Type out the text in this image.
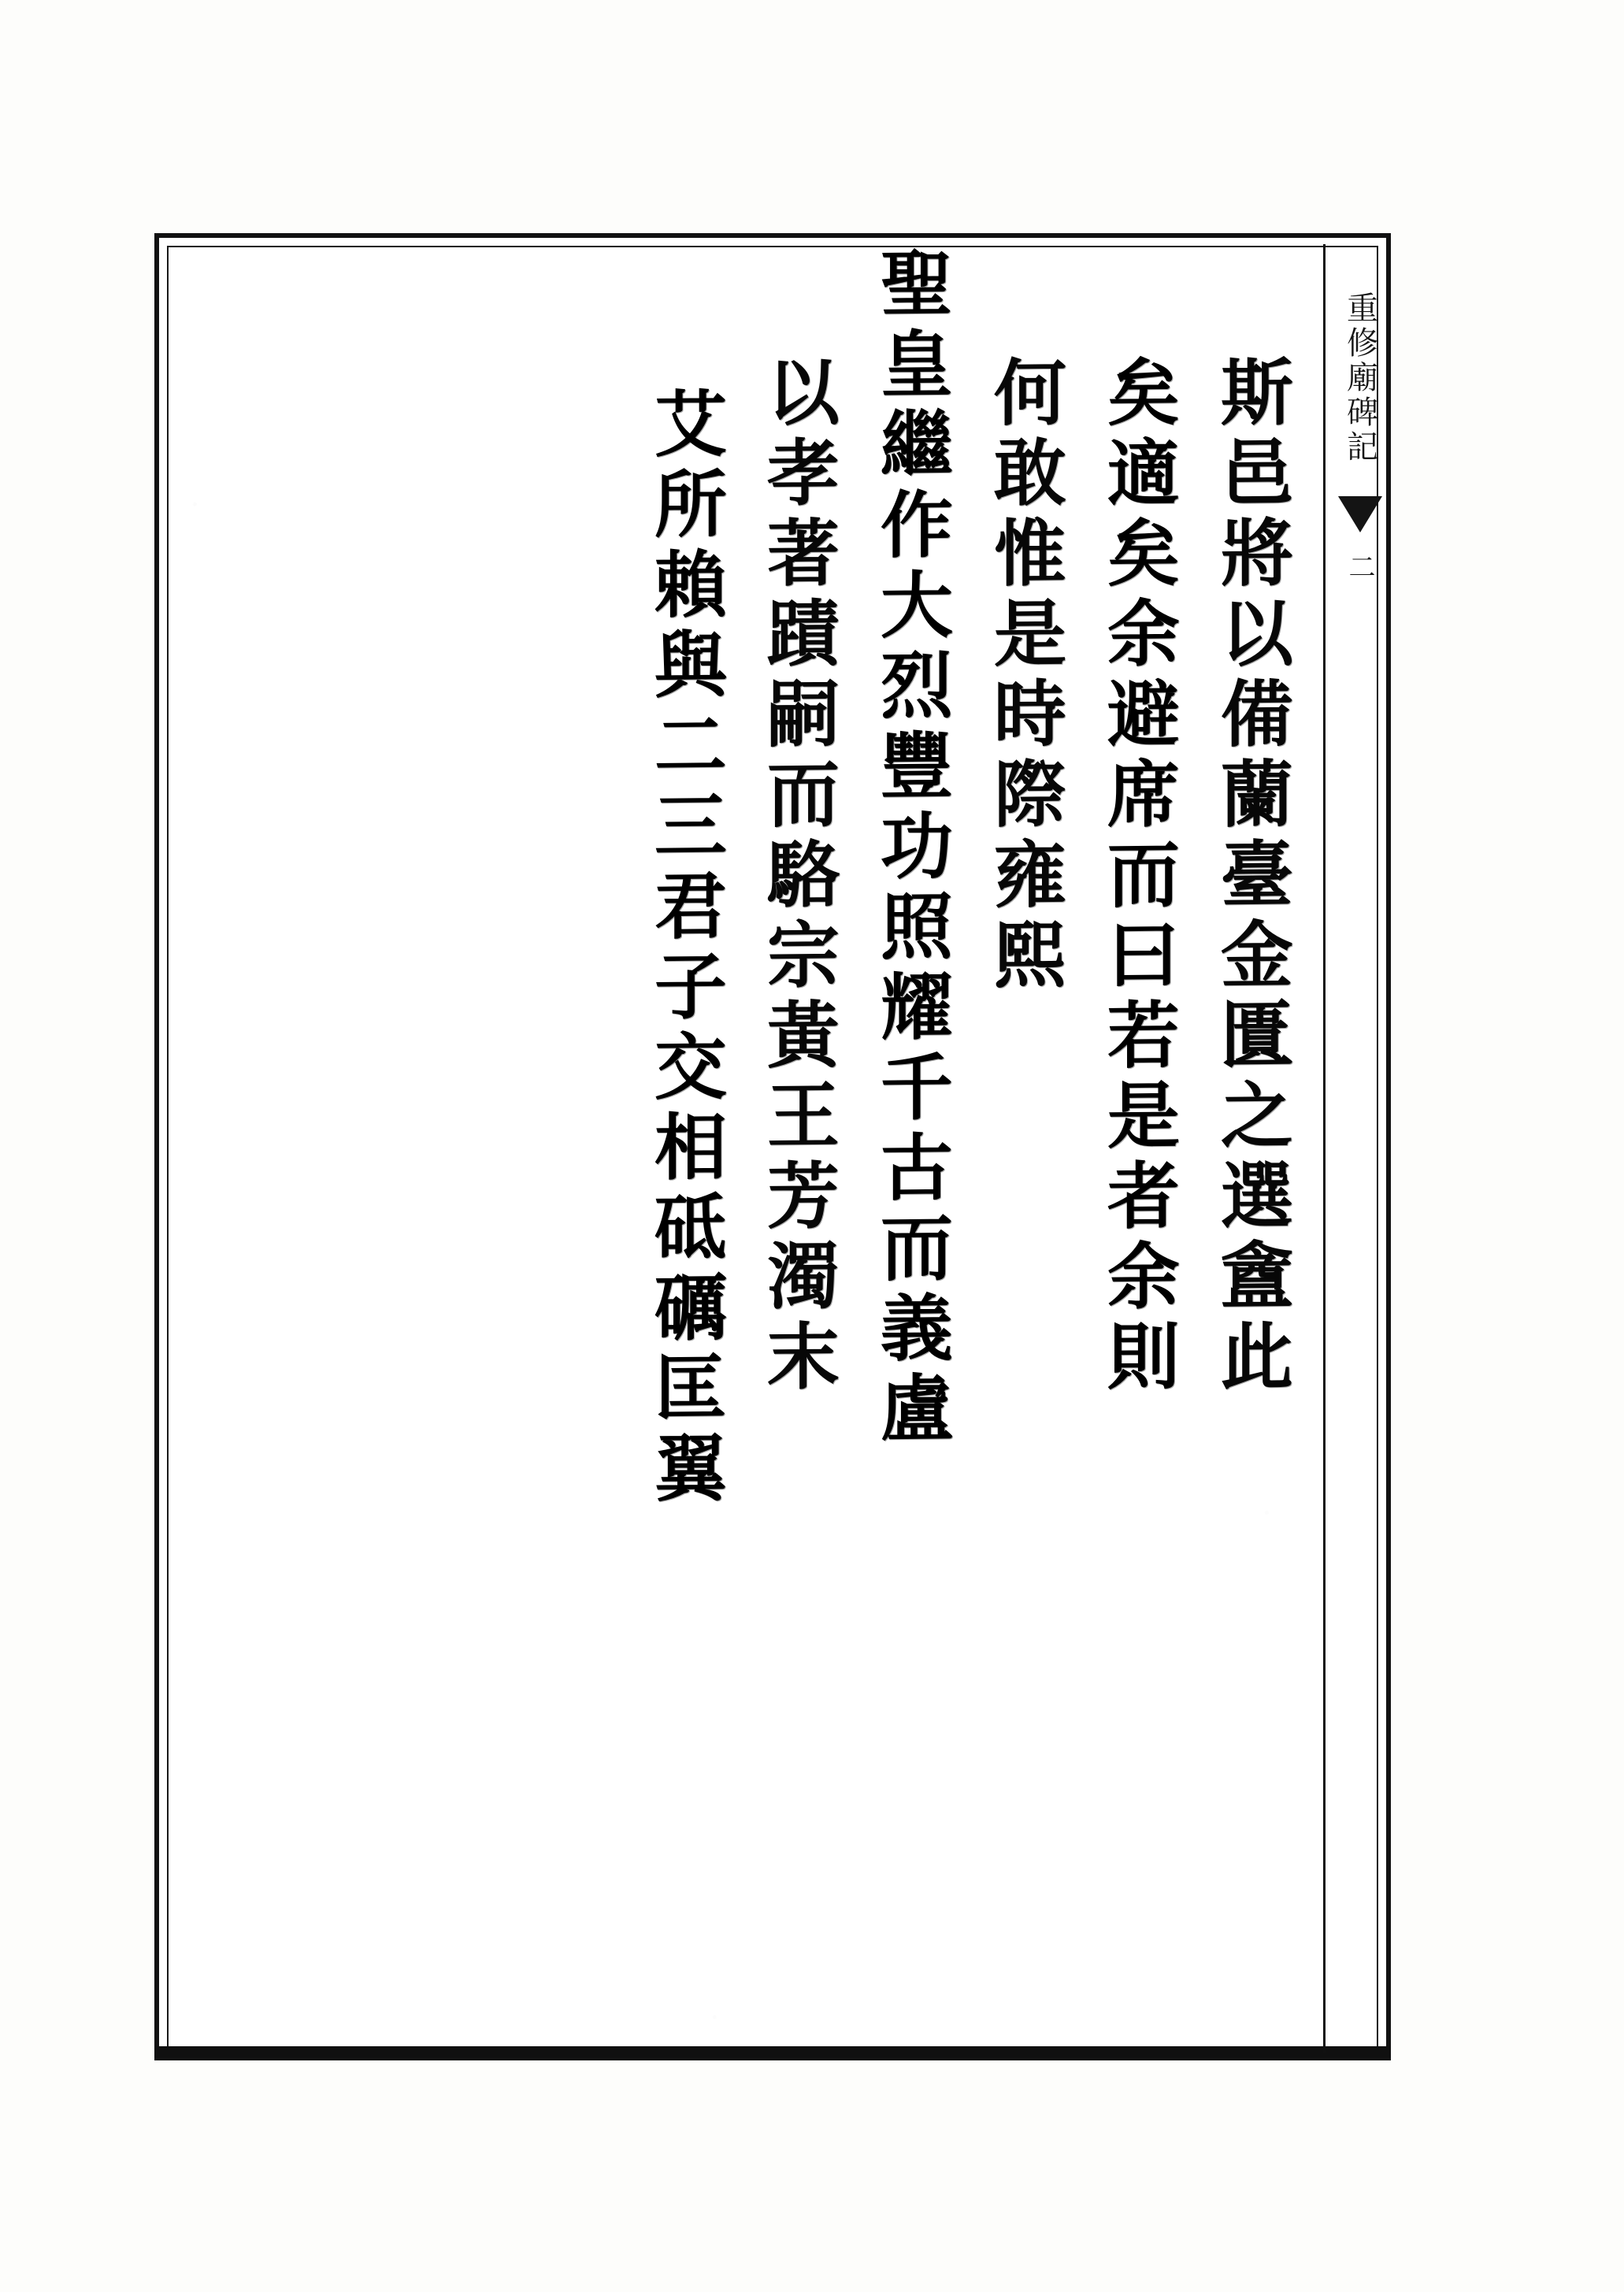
重修廟碑記
二
斯邑將以備蘭臺金匱之選盦此
矣適矣余避席而曰若是者余則
何敢惟是時際雍熙
聖皇繼作大烈豐功照耀千古而義盧
以孝著蹟嗣而駱宗黃王芳濁末
艾所賴與二三君子交相砥礪匡翼
